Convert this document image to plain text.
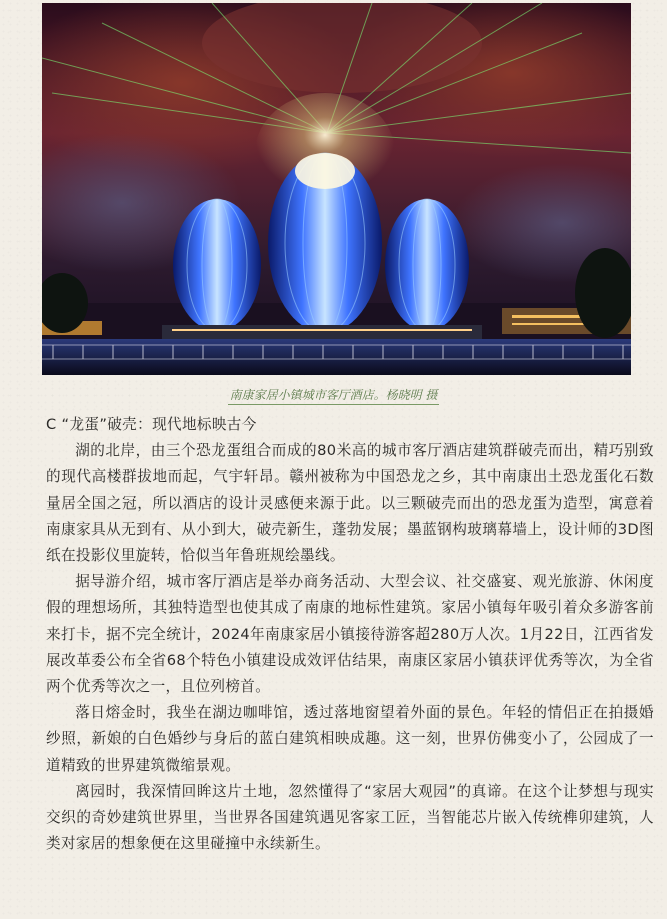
南康家居小镇城市客厅酒店。杨晓明 摄

C “龙蛋”破壳：现代地标映古今

湖的北岸，由三个恐龙蛋组合而成的80米高的城市客厅酒店建筑群破壳而出，精巧别致的现代高楼群拔地而起，气宇轩昂。赣州被称为中国恐龙之乡，其中南康出土恐龙蛋化石数量居全国之冠，所以酒店的设计灵感便来源于此。以三颗破壳而出的恐龙蛋为造型，寓意着南康家具从无到有、从小到大，破壳新生，蓬勃发展；墨蓝钢构玻璃幕墙上，设计师的3D图纸在投影仪里旋转，恰似当年鲁班规绘墨线。

据导游介绍，城市客厅酒店是举办商务活动、大型会议、社交盛宴、观光旅游、休闲度假的理想场所，其独特造型也使其成了南康的地标性建筑。家居小镇每年吸引着众多游客前来打卡，据不完全统计，2024年南康家居小镇接待游客超280万人次。1月22日，江西省发展改革委公布全省68个特色小镇建设成效评估结果，南康区家居小镇获评优秀等次，为全省两个优秀等次之一，且位列榜首。

落日熔金时，我坐在湖边咖啡馆，透过落地窗望着外面的景色。年轻的情侣正在拍摄婚纱照，新娘的白色婚纱与身后的蓝白建筑相映成趣。这一刻，世界仿佛变小了，公园成了一道精致的世界建筑微缩景观。

离园时，我深情回眸这片土地，忽然懂得了“家居大观园”的真谛。在这个让梦想与现实交织的奇妙建筑世界里，当世界各国建筑遇见客家工匠，当智能芯片嵌入传统榫卯建筑，人类对家居的想象便在这里碰撞中永续新生。
